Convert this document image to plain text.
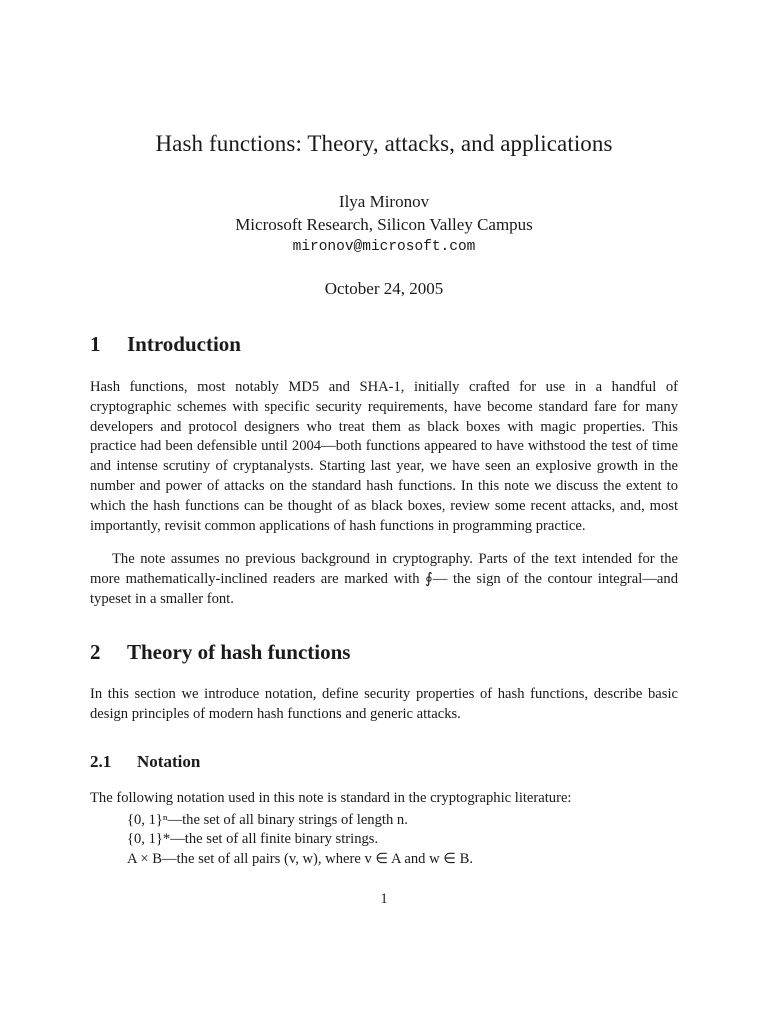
Hash functions: Theory, attacks, and applications
Ilya Mironov
Microsoft Research, Silicon Valley Campus
mironov@microsoft.com
October 24, 2005
1 Introduction

Hash functions, most notably MD5 and SHA-1, initially crafted for use in a handful of cryptographic schemes with specific security requirements, have become standard fare for many developers and protocol designers who treat them as black boxes with magic properties. This practice had been defensible until 2004—both functions appeared to have withstood the test of time and intense scrutiny of cryptanalysts. Starting last year, we have seen an explosive growth in the number and power of attacks on the standard hash functions. In this note we discuss the extent to which the hash functions can be thought of as black boxes, review some recent attacks, and, most importantly, revisit common applications of hash functions in programming practice.

The note assumes no previous background in cryptography. Parts of the text intended for the more mathematically-inclined readers are marked with ∮— the sign of the contour integral—and typeset in a smaller font.

2 Theory of hash functions

In this section we introduce notation, define security properties of hash functions, describe basic design principles of modern hash functions and generic attacks.

2.1 Notation

The following notation used in this note is standard in the cryptographic literature:

{0, 1}ⁿ—the set of all binary strings of length n.
{0, 1}*—the set of all finite binary strings.
A × B—the set of all pairs (v, w), where v ∈ A and w ∈ B.
1
